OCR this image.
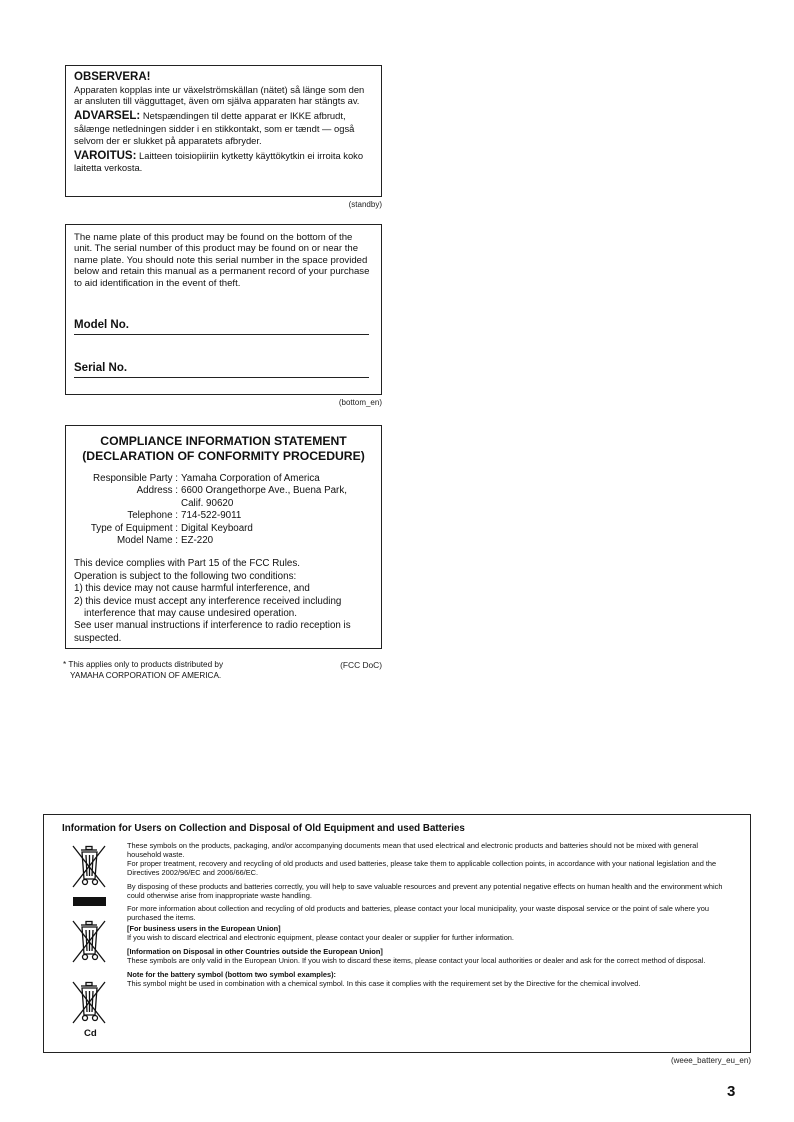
OBSERVERA!

Apparaten kopplas inte ur växelströmskällan (nätet) så länge som den ar ansluten till vägguttaget, även om själva apparaten har stängts av.

ADVARSEL: Netspændingen til dette apparat er IKKE afbrudt, sålænge netledningen sidder i en stikkontakt, som er tændt — også selvom der er slukket på apparatets afbryder.

VAROITUS: Laitteen toisiopiiriin kytketty käyttökytkin ei irroita koko laitetta verkosta.

(standby)

The name plate of this product may be found on the bottom of the unit. The serial number of this product may be found on or near the name plate. You should note this serial number in the space provided below and retain this manual as a permanent record of your purchase to aid identification in the event of theft.

Model No.
Serial No.
(bottom_en)

COMPLIANCE INFORMATION STATEMENT

(DECLARATION OF CONFORMITY PROCEDURE)

Responsible Party : Yamaha Corporation of America
Address : 6600 Orangethorpe Ave., Buena Park,
Calif. 90620
Telephone : 714-522-9011
Type of Equipment : Digital Keyboard
Model Name : EZ-220

This device complies with Part 15 of the FCC Rules.

Operation is subject to the following two conditions:

1) this device may not cause harmful interference, and

2) this device must accept any interference received including

interference that may cause undesired operation.

See user manual instructions if interference to radio reception is suspected.

* This applies only to products distributed by

YAMAHA CORPORATION OF AMERICA.

(FCC DoC)
Information for Users on Collection and Disposal of Old Equipment and used Batteries
Cd

These symbols on the products, packaging, and/or accompanying documents mean that used electrical and electronic products and batteries should not be mixed with general household waste.

For proper treatment, recovery and recycling of old products and used batteries, please take them to applicable collection points, in accordance with your national legislation and the Directives 2002/96/EC and 2006/66/EC.

By disposing of these products and batteries correctly, you will help to save valuable resources and prevent any potential negative effects on human health and the environment which could otherwise arise from inappropriate waste handling.

For more information about collection and recycling of old products and batteries, please contact your local municipality, your waste disposal service or the point of sale where you purchased the items.

[For business users in the European Union]

If you wish to discard electrical and electronic equipment, please contact your dealer or supplier for further information.

[Information on Disposal in other Countries outside the European Union]

These symbols are only valid in the European Union. If you wish to discard these items, please contact your local authorities or dealer and ask for the correct method of disposal.

Note for the battery symbol (bottom two symbol examples):

This symbol might be used in combination with a chemical symbol. In this case it complies with the requirement set by the Directive for the chemical involved.

(weee_battery_eu_en)
3
